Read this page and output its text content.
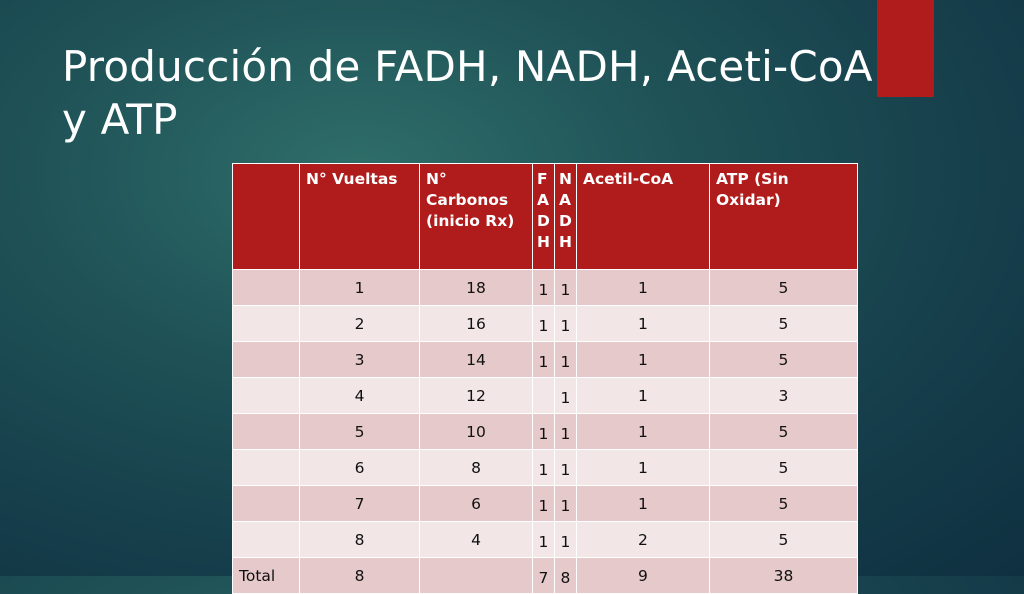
Producción de FADH, NADH, Aceti-CoA
y ATP
	N° Vueltas	N° Carbonos (inicio Rx)	F A D H	N A D H	Acetil-CoA	ATP (Sin Oxidar)
	1	18	1	1	1	5
	2	16	1	1	1	5
	3	14	1	1	1	5
	4	12		1	1	3
	5	10	1	1	1	5
	6	8	1	1	1	5
	7	6	1	1	1	5
	8	4	1	1	2	5
Total	8		7	8	9	38
